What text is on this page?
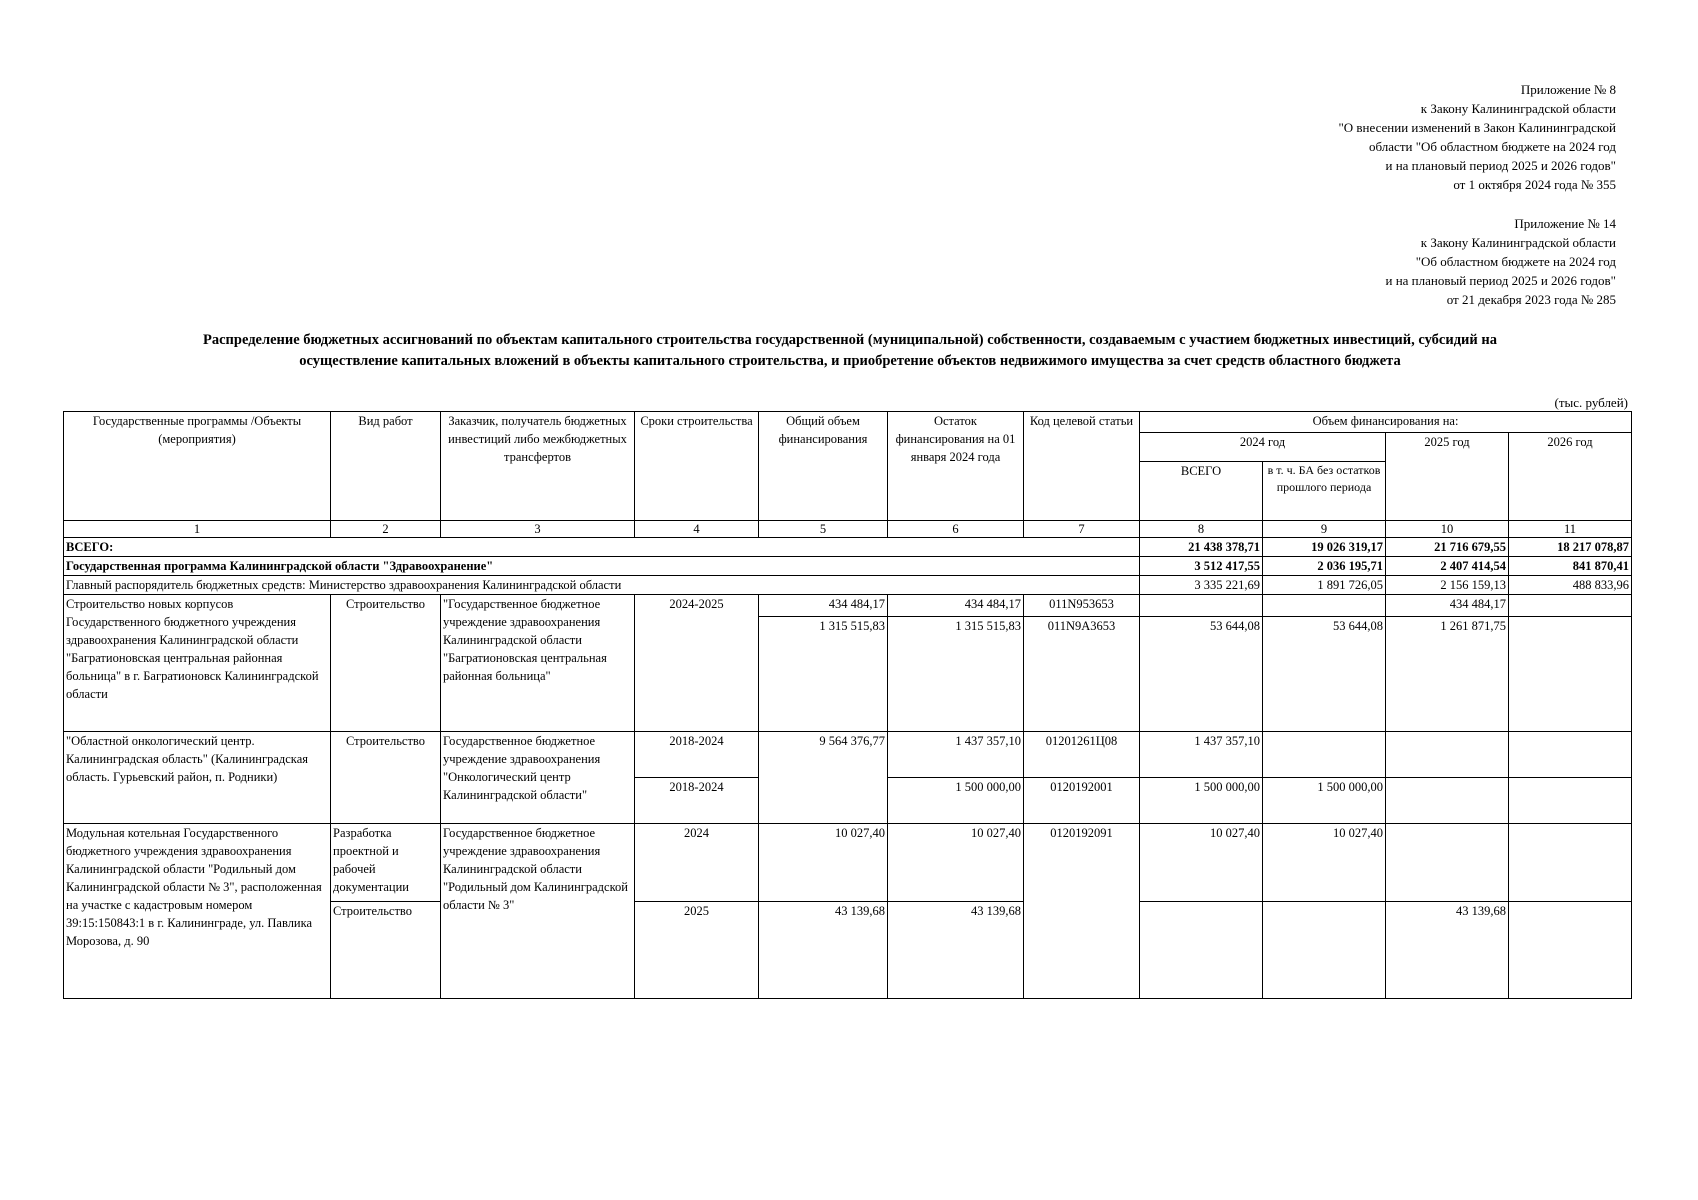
Приложение № 8
к Закону Калининградской области
"О внесении изменений в Закон Калининградской
области "Об областном бюджете на 2024 год
и на плановый период 2025 и 2026 годов"
от 1 октября 2024 года № 355
Приложение № 14
к Закону Калининградской области
"Об областном бюджете на 2024 год
и на плановый период 2025 и 2026 годов"
от 21 декабря 2023 года № 285
Распределение бюджетных ассигнований по объектам капитального строительства государственной (муниципальной) собственности, создаваемым с участием бюджетных инвестиций, субсидий на
осуществление капитальных вложений в объекты капитального строительства, и приобретение объектов недвижимого имущества за счет средств областного бюджета
(тыс. рублей)
Государственные программы /Объекты (мероприятия)	Вид работ	Заказчик, получатель бюджетных инвестиций либо межбюджетных трансфертов	Сроки строительства	Общий объем финансирования	Остаток финансирования на 01 января 2024 года	Код целевой статьи	Объем финансирования на:			
							2024 год		2025 год	2026 год
							ВСЕГО	в т. ч. БА без остатков прошлого периода		
1	2	3	4	5	6	7	8	9	10	11
ВСЕГО:							21 438 378,71	19 026 319,17	21 716 679,55	18 217 078,87
Государственная программа Калининградской области "Здравоохранение"							3 512 417,55	2 036 195,71	2 407 414,54	841 870,41
Главный распорядитель бюджетных средств: Министерство здравоохранения Калининградской области							3 335 221,69	1 891 726,05	2 156 159,13	488 833,96
Строительство новых корпусов Государственного бюджетного учреждения здравоохранения Калининградской области "Багратионовская центральная районная больница" в г. Багратионовск Калининградской области	Строительство	"Государственное бюджетное учреждение здравоохранения Калининградской области "Багратионовская центральная районная больница"	2024-2025	434 484,17	434 484,17	011N953653			434 484,17	
				1 315 515,83	1 315 515,83	011N9A3653	53 644,08	53 644,08	1 261 871,75	
"Областной онкологический центр. Калининградская область" (Калининградская область. Гурьевский район, п. Родники)	Строительство	Государственное бюджетное учреждение здравоохранения "Онкологический центр Калининградской области"	2018-2024	9 564 376,77	1 437 357,10	01201261Ц08	1 437 357,10			
			2018-2024		1 500 000,00	0120192001	1 500 000,00	1 500 000,00		
Модульная котельная Государственного бюджетного учреждения здравоохранения Калининградской области "Родильный дом Калининградской области № 3", расположенная на участке с кадастровым номером 39:15:150843:1 в г. Калининграде, ул. Павлика Морозова, д. 90	Разработка проектной и рабочей документации	Государственное бюджетное учреждение здравоохранения Калининградской области "Родильный дом Калининградской области № 3"	2024	10 027,40	10 027,40	0120192091	10 027,40	10 027,40		
	Строительство		2025	43 139,68	43 139,68				43 139,68	
